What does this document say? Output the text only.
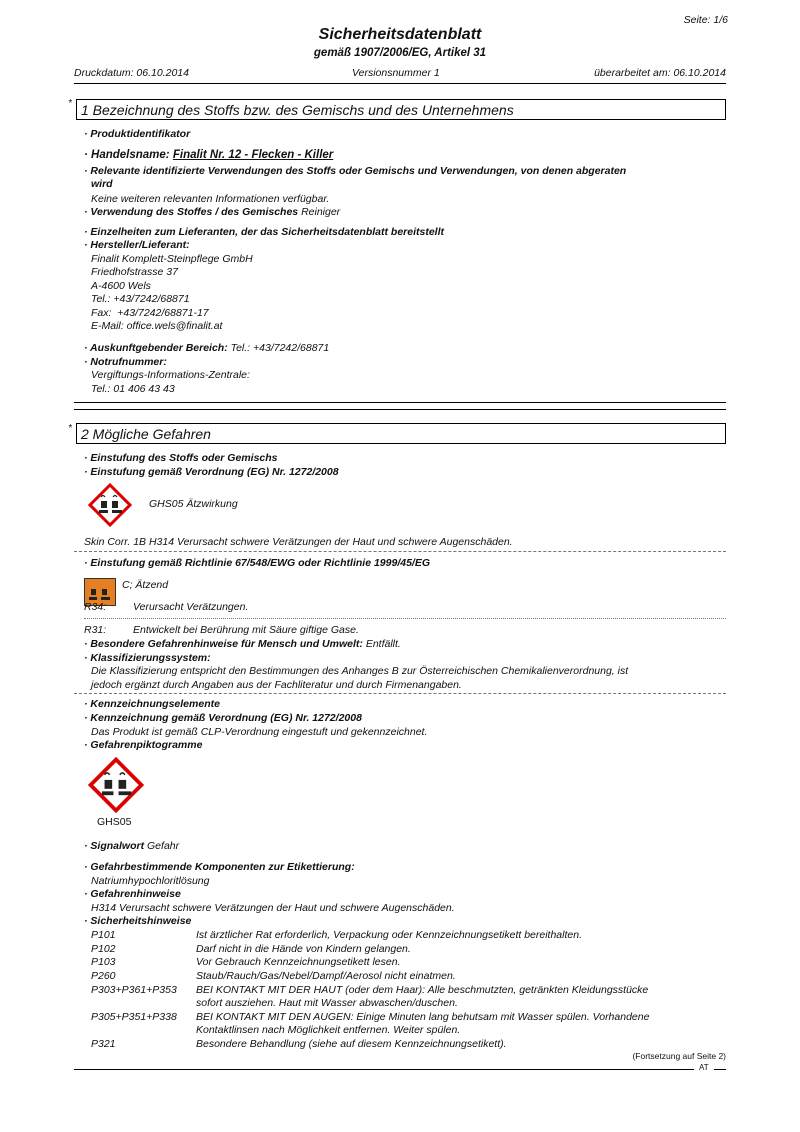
Seite: 1/6
Sicherheitsdatenblatt
gemäß 1907/2006/EG, Artikel 31
Druckdatum: 06.10.2014	Versionsnummer 1	überarbeitet am: 06.10.2014
* 1 Bezeichnung des Stoffs bzw. des Gemischs und des Unternehmens
· Produktidentifikator
· Handelsname: Finalit Nr. 12 - Flecken - Killer
· Relevante identifizierte Verwendungen des Stoffs oder Gemischs und Verwendungen, von denen abgeraten
wird
Keine weiteren relevanten Informationen verfügbar.
· Verwendung des Stoffes / des Gemisches Reiniger
· Einzelheiten zum Lieferanten, der das Sicherheitsdatenblatt bereitstellt
· Hersteller/Lieferant:
Finalit Komplett-Steinpflege GmbH
Friedhofstrasse 37
A-4600 Wels
Tel.: +43/7242/68871
Fax:  +43/7242/68871-17
E-Mail: office.wels@finalit.at
· Auskunftgebender Bereich: Tel.: +43/7242/68871
· Notrufnummer:
Vergiftungs-Informations-Zentrale:
Tel.: 01 406 43 43
* 2 Mögliche Gefahren
· Einstufung des Stoffs oder Gemischs
· Einstufung gemäß Verordnung (EG) Nr. 1272/2008
GHS05 Ätzwirkung
Skin Corr. 1B H314 Verursacht schwere Verätzungen der Haut und schwere Augenschäden.
· Einstufung gemäß Richtlinie 67/548/EWG oder Richtlinie 1999/45/EG
C; Ätzend
R34:	Verursacht Verätzungen.
R31:	Entwickelt bei Berührung mit Säure giftige Gase.
· Besondere Gefahrenhinweise für Mensch und Umwelt: Entfällt.
· Klassifizierungssystem:
Die Klassifizierung entspricht den Bestimmungen des Anhanges B zur Österreichischen Chemikalienverordnung, ist
jedoch ergänzt durch Angaben aus der Fachliteratur und durch Firmenangaben.
· Kennzeichnungselemente
· Kennzeichnung gemäß Verordnung (EG) Nr. 1272/2008
Das Produkt ist gemäß CLP-Verordnung eingestuft und gekennzeichnet.
· Gefahrenpiktogramme
GHS05
· Signalwort Gefahr
· Gefahrbestimmende Komponenten zur Etikettierung:
Natriumhypochloritlösung
· Gefahrenhinweise
H314 Verursacht schwere Verätzungen der Haut und schwere Augenschäden.
· Sicherheitshinweise
P101	Ist ärztlicher Rat erforderlich, Verpackung oder Kennzeichnungsetikett bereithalten.
P102	Darf nicht in die Hände von Kindern gelangen.
P103	Vor Gebrauch Kennzeichnungsetikett lesen.
P260	Staub/Rauch/Gas/Nebel/Dampf/Aerosol nicht einatmen.
P303+P361+P353 BEI KONTAKT MIT DER HAUT (oder dem Haar): Alle beschmutzten, getränkten Kleidungsstücke
sofort ausziehen. Haut mit Wasser abwaschen/duschen.
P305+P351+P338 BEI KONTAKT MIT DEN AUGEN: Einige Minuten lang behutsam mit Wasser spülen. Vorhandene
Kontaktlinsen nach Möglichkeit entfernen. Weiter spülen.
P321	Besondere Behandlung (siehe auf diesem Kennzeichnungsetikett).
(Fortsetzung auf Seite 2)
AT
